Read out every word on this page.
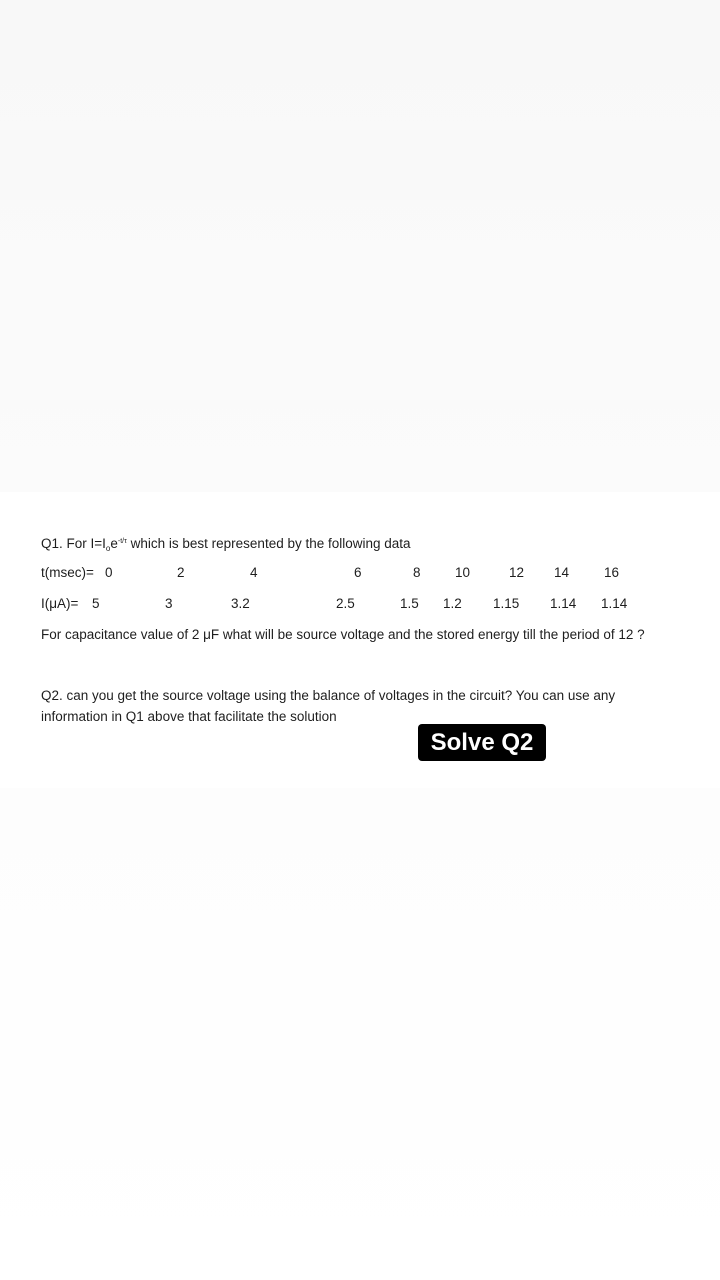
Q1. For $I=I_oe^{-t/\tau}$ which is best represented by the following data
t(msec)= 0	2	4	6	8	10	12 14	16
I(μA)= 5	3	3.2	2.5	1.5 1.2 1.15 1.14 1.14
For capacitance value of 2 μF what will be source voltage and the stored energy till the period of 12 ?
Q2. can you get the source voltage using the balance of voltages in the circuit? You can use any
information in Q1 above that facilitate the solution
Solve Q2
